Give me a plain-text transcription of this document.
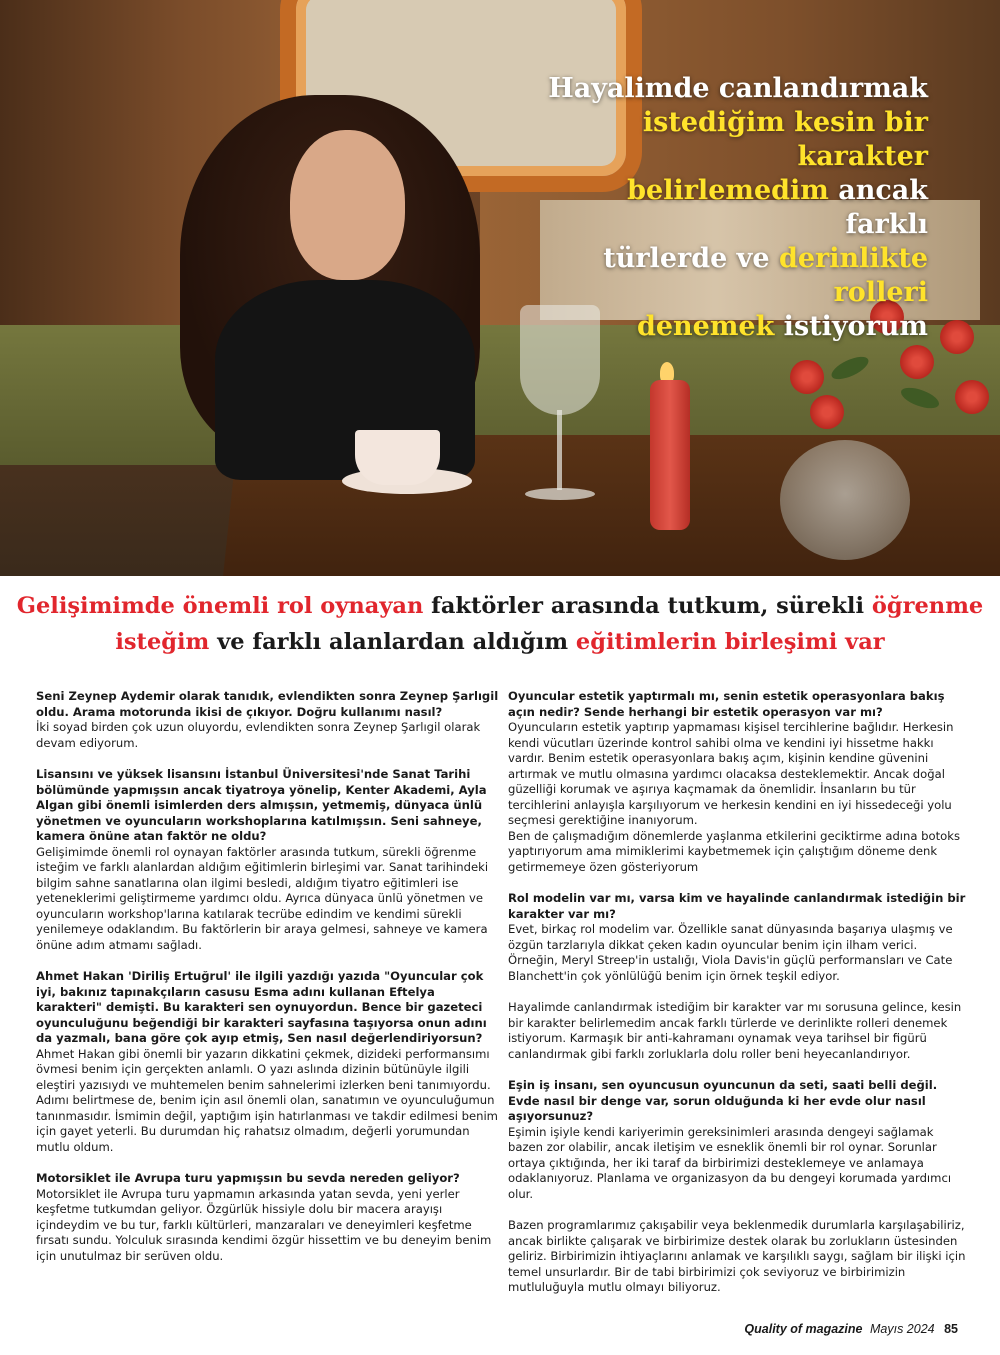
Hayalimde canlandırmak
istediğim kesin bir karakter
belirlemedim ancak farklı
türlerde ve derinlikte rolleri
denemek istiyorum
Gelişimimde önemli rol oynayan faktörler arasında tutkum, sürekli öğrenme
isteğim ve farklı alanlardan aldığım eğitimlerin birleşimi var

Seni Zeynep Aydemir olarak tanıdık, evlendikten sonra Zeynep Şarlıgil oldu. Arama motorunda ikisi de çıkıyor. Doğru kullanımı nasıl?

İki soyad birden çok uzun oluyordu, evlendikten sonra Zeynep Şarlıgil olarak devam ediyorum.

Lisansını ve yüksek lisansını İstanbul Üniversitesi'nde Sanat Tarihi bölümünde yapmışsın ancak tiyatroya yönelip, Kenter Akademi, Ayla Algan gibi önemli isimlerden ders almışsın, yetmemiş, dünyaca ünlü yönetmen ve oyuncuların workshoplarına katılmışsın. Seni sahneye, kamera önüne atan faktör ne oldu?

Gelişimimde önemli rol oynayan faktörler arasında tutkum, sürekli öğrenme isteğim ve farklı alanlardan aldığım eğitimlerin birleşimi var. Sanat tarihindeki bilgim sahne sanatlarına olan ilgimi besledi, aldığım tiyatro eğitimleri ise yeteneklerimi geliştirmeme yardımcı oldu. Ayrıca dünyaca ünlü yönetmen ve oyuncuların workshop'larına katılarak tecrübe edindim ve kendimi sürekli yenilemeye odaklandım. Bu faktörlerin bir araya gelmesi, sahneye ve kamera önüne adım atmamı sağladı.

Ahmet Hakan 'Diriliş Ertuğrul' ile ilgili yazdığı yazıda "Oyuncular çok iyi, bakınız tapınakçıların casusu Esma adını kullanan Eftelya karakteri" demişti. Bu karakteri sen oynuyordun. Bence bir gazeteci oyunculuğunu beğendiği bir karakteri sayfasına taşıyorsa onun adını da yazmalı, bana göre çok ayıp etmiş, Sen nasıl değerlendiriyorsun?

Ahmet Hakan gibi önemli bir yazarın dikkatini çekmek, dizideki performansımı övmesi benim için gerçekten anlamlı. O yazı aslında dizinin bütünüyle ilgili eleştiri yazısıydı ve muhtemelen benim sahnelerimi izlerken beni tanımıyordu. Adımı belirtmese de, benim için asıl önemli olan, sanatımın ve oyunculuğumun tanınmasıdır. İsmimin değil, yaptığım işin hatırlanması ve takdir edilmesi benim için gayet yeterli. Bu durumdan hiç rahatsız olmadım, değerli yorumundan mutlu oldum.

Motorsiklet ile Avrupa turu yapmışsın bu sevda nereden geliyor?

Motorsiklet ile Avrupa turu yapmamın arkasında yatan sevda, yeni yerler keşfetme tutkumdan geliyor. Özgürlük hissiyle dolu bir macera arayışı içindeydim ve bu tur, farklı kültürleri, manzaraları ve deneyimleri keşfetme fırsatı sundu. Yolculuk sırasında kendimi özgür hissettim ve bu deneyim benim için unutulmaz bir serüven oldu.

Oyuncular estetik yaptırmalı mı, senin estetik operasyonlara bakış açın nedir? Sende herhangi bir estetik operasyon var mı?

Oyuncuların estetik yaptırıp yapmaması kişisel tercihlerine bağlıdır. Herkesin kendi vücutları üzerinde kontrol sahibi olma ve kendini iyi hissetme hakkı vardır. Benim estetik operasyonlara bakış açım, kişinin kendine güvenini artırmak ve mutlu olmasına yardımcı olacaksa desteklemektir. Ancak doğal güzelliği korumak ve aşırıya kaçmamak da önemlidir. İnsanların bu tür tercihlerini anlayışla karşılıyorum ve herkesin kendini en iyi hissedeceği yolu seçmesi gerektiğine inanıyorum.

Ben de çalışmadığım dönemlerde yaşlanma etkilerini geciktirme adına botoks yaptırıyorum ama mimiklerimi kaybetmemek için çalıştığım döneme denk getirmemeye özen gösteriyorum

Rol modelin var mı, varsa kim ve hayalinde canlandırmak istediğin bir karakter var mı?

Evet, birkaç rol modelim var. Özellikle sanat dünyasında başarıya ulaşmış ve özgün tarzlarıyla dikkat çeken kadın oyuncular benim için ilham verici. Örneğin, Meryl Streep'in ustalığı, Viola Davis'in güçlü performansları ve Cate Blanchett'in çok yönlülüğü benim için örnek teşkil ediyor.

Hayalimde canlandırmak istediğim bir karakter var mı sorusuna gelince, kesin bir karakter belirlemedim ancak farklı türlerde ve derinlikte rolleri denemek istiyorum. Karmaşık bir anti-kahramanı oynamak veya tarihsel bir figürü canlandırmak gibi farklı zorluklarla dolu roller beni heyecanlandırıyor.

Eşin iş insanı, sen oyuncusun oyuncunun da seti, saati belli değil. Evde nasıl bir denge var, sorun olduğunda ki her evde olur nasıl aşıyorsunuz?

Eşimin işiyle kendi kariyerimin gereksinimleri arasında dengeyi sağlamak bazen zor olabilir, ancak iletişim ve esneklik önemli bir rol oynar. Sorunlar ortaya çıktığında, her iki taraf da birbirimizi desteklemeye ve anlamaya odaklanıyoruz. Planlama ve organizasyon da bu dengeyi korumada yardımcı olur.

Bazen programlarımız çakışabilir veya beklenmedik durumlarla karşılaşabiliriz, ancak birlikte çalışarak ve birbirimize destek olarak bu zorlukların üstesinden geliriz. Birbirimizin ihtiyaçlarını anlamak ve karşılıklı saygı, sağlam bir ilişki için temel unsurlardır. Bir de tabi birbirimizi çok seviyoruz ve birbirimizin mutluluğuyla mutlu olmayı biliyoruz.

Quality of magazine Mayıs 2024 85
